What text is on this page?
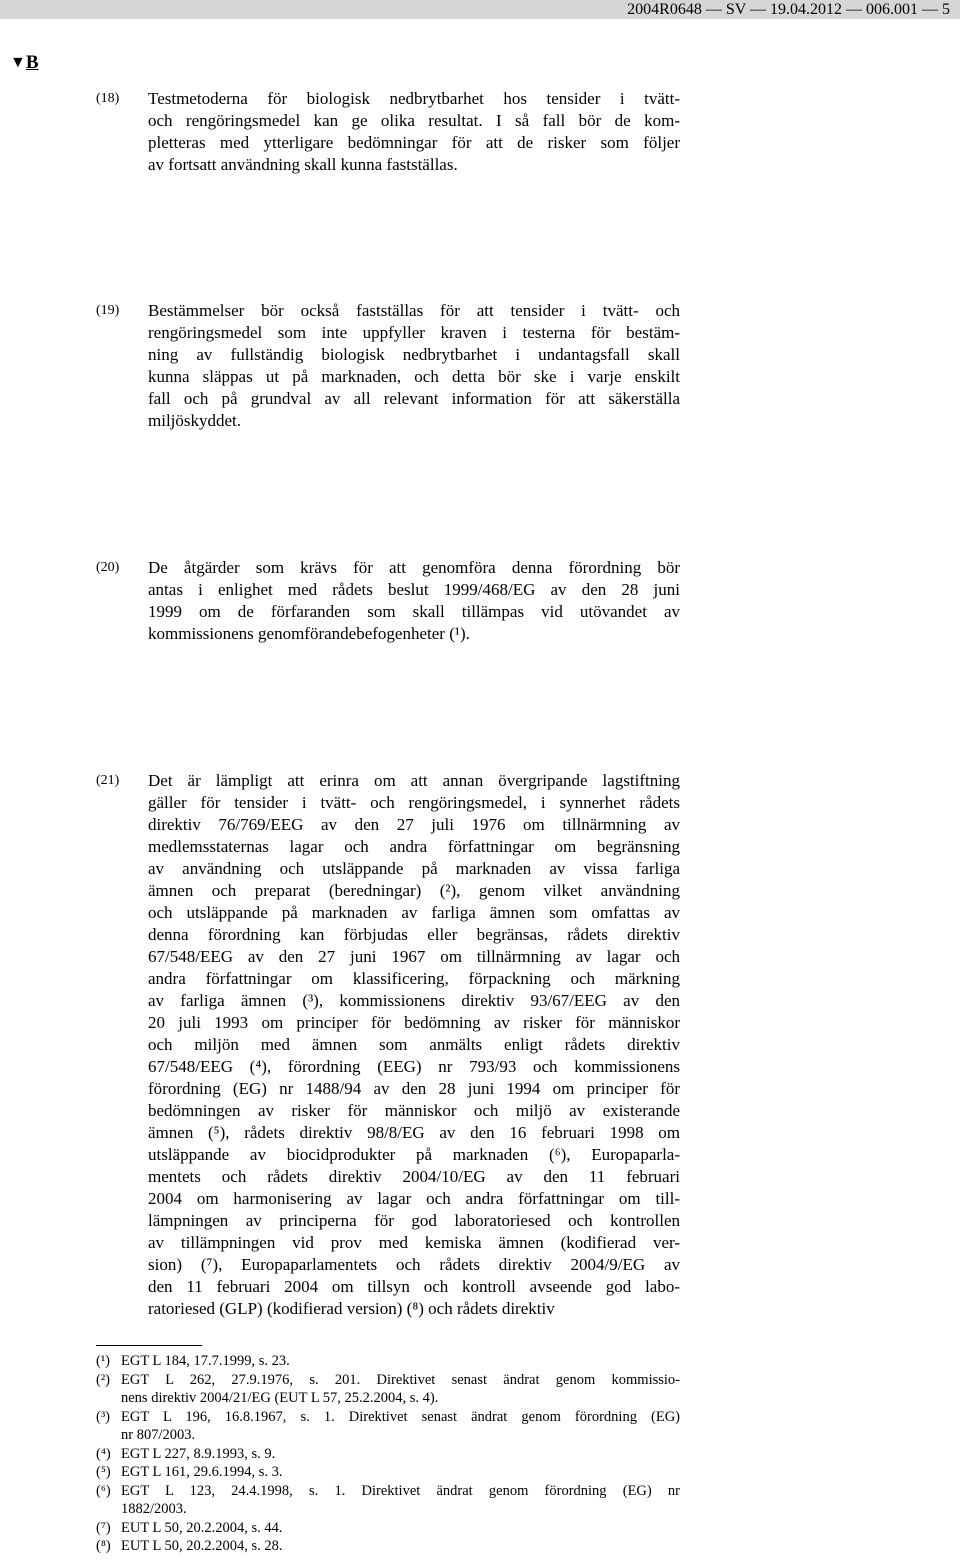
2004R0648 — SV — 19.04.2012 — 006.001 — 5
▼B
(18) Testmetoderna för biologisk nedbrytbarhet hos tensider i tvätt-
och rengöringsmedel kan ge olika resultat. I så fall bör de kom-
pletteras med ytterligare bedömningar för att de risker som följer
av fortsatt användning skall kunna fastställas.
(19) Bestämmelser bör också fastställas för att tensider i tvätt- och
rengöringsmedel som inte uppfyller kraven i testerna för bestäm-
ning av fullständig biologisk nedbrytbarhet i undantagsfall skall
kunna släppas ut på marknaden, och detta bör ske i varje enskilt
fall och på grundval av all relevant information för att säkerställa
miljöskyddet.
(20) De åtgärder som krävs för att genomföra denna förordning bör
antas i enlighet med rådets beslut 1999/468/EG av den 28 juni
1999 om de förfaranden som skall tillämpas vid utövandet av
kommissionens genomförandebefogenheter (¹).
(21) Det är lämpligt att erinra om att annan övergripande lagstiftning
gäller för tensider i tvätt- och rengöringsmedel, i synnerhet rådets
direktiv 76/769/EEG av den 27 juli 1976 om tillnärmning av
medlemsstaternas lagar och andra författningar om begränsning
av användning och utsläppande på marknaden av vissa farliga
ämnen och preparat (beredningar) (²), genom vilket användning
och utsläppande på marknaden av farliga ämnen som omfattas av
denna förordning kan förbjudas eller begränsas, rådets direktiv
67/548/EEG av den 27 juni 1967 om tillnärmning av lagar och
andra författningar om klassificering, förpackning och märkning
av farliga ämnen (³), kommissionens direktiv 93/67/EEG av den
20 juli 1993 om principer för bedömning av risker för människor
och miljön med ämnen som anmälts enligt rådets direktiv
67/548/EEG (⁴), förordning (EEG) nr 793/93 och kommissionens
förordning (EG) nr 1488/94 av den 28 juni 1994 om principer för
bedömningen av risker för människor och miljö av existerande
ämnen (⁵), rådets direktiv 98/8/EG av den 16 februari 1998 om
utsläppande av biocidprodukter på marknaden (⁶), Europaparla-
mentets och rådets direktiv 2004/10/EG av den 11 februari
2004 om harmonisering av lagar och andra författningar om till-
lämpningen av principerna för god laboratoriesed och kontrollen
av tillämpningen vid prov med kemiska ämnen (kodifierad ver-
sion) (⁷), Europaparlamentets och rådets direktiv 2004/9/EG av
den 11 februari 2004 om tillsyn och kontroll avseende god labo-
ratoriesed (GLP) (kodifierad version) (⁸) och rådets direktiv
(¹) EGT L 184, 17.7.1999, s. 23.
(²) EGT L 262, 27.9.1976, s. 201. Direktivet senast ändrat genom kommissio-
nens direktiv 2004/21/EG (EUT L 57, 25.2.2004, s. 4).
(³) EGT L 196, 16.8.1967, s. 1. Direktivet senast ändrat genom förordning (EG)
nr 807/2003.
(⁴) EGT L 227, 8.9.1993, s. 9.
(⁵) EGT L 161, 29.6.1994, s. 3.
(⁶) EGT L 123, 24.4.1998, s. 1. Direktivet ändrat genom förordning (EG) nr
1882/2003.
(⁷) EUT L 50, 20.2.2004, s. 44.
(⁸) EUT L 50, 20.2.2004, s. 28.
